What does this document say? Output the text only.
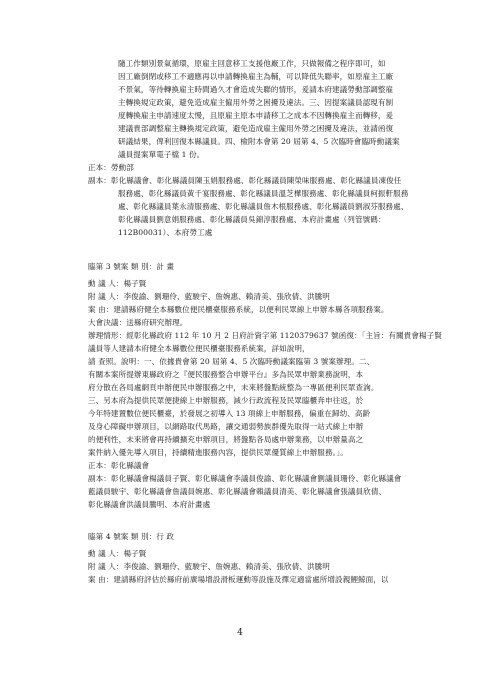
隨工作類別景氣循環，原雇主回意移工支援他廠工作，只做報備之程序即可，如
因工廠倒閉或移工不適應再以申請轉換雇主為輔，可以降低失聯率，如原雇主工廠
不景氣，等待轉換雇主時間過久才會造成失聯的情形，爰請本府建議勞動部調整雇
主轉換規定政策，避免造成雇主僱用外勞之困擾及違法。三、因提案議員認現有制
度轉換雇主申請速度太慢，且原雇主原本申請移工之成本不因轉換雇主而轉移，爰
建議貴部調整雇主轉換規定政策，避免造成雇主僱用外勞之困擾及違法，並請函復
研議結果，俾利回復本縣議員。四、檢附本會第 20 屆第 4、5 次臨時會臨時動議案
議員提案單電子檔 1 份。
正本：勞動部
副本：彰化縣議會、彰化縣議員陳玉娟服務處、彰化縣議員陳榮味服務處、彰化縣議員凍俊任
服務處、彰化縣議員黃千宴服務處、彰化縣議員溫芝樺服務處、彰化縣議員柯振軒服務
處、彰化縣議員葉永清服務處、彰化縣議員詹木根服務處、彰化縣議員劉淑芬服務處、
彰化縣議員劉意娟服務處、彰化縣議員吳錦淳服務處、本府計畫處（列管號碼：
112B00031）、本府勞工處
臨第 3 號案 類 別：計 畫
動 議 人：楊子賢
附 議 人：李俊諭、劉珊伶、藍駿宇、詹婉惠、賴清美、張欣倩、洪騰明
案 由：建請縣府健全本縣數位便民櫃臺服務系統，以便利民眾線上申辦本縣各項服務案。
大會決議：送縣府研究辦理。
辦理情形：經彰化縣政府 112 年 10 月 2 日府計資字第 1120379637 號函復：「主旨：有關貴會楊子賢
議員等人建請本府健全本縣數位便民櫃臺服務系統案，詳如說明，
請 查照。說明：一、依據貴會第 20 屆第 4、5 次臨時動議案臨第 3 號案辦理。二、
有關本案所提辦東縣政府之『便民服務整合申辦平台』多為民眾申辦業務說明，本
府分散在各局處網頁申辦便民申辦服務之中，未來將盤點統整為一專區便利民眾查詢。
三、另本府為提供民眾便捷線上申辦服務，減少行政流程及民眾臨櫃奔申往返，於
今年特建置數位便民櫃臺，於發展之初導入 13 項線上申辦服務，偏重在歸幼、高齡
及身心障礙申辦項目，以網路取代馬路，讓交通弱勢族群優先取得一站式線上申辦
的便利性，未來將會再持續擴充申辦項目，將盤點各局處申辦業務，以申辦量高之
案件納入優先導入項目，持續精進服務內容，提供民眾優質線上申辦服務。」。
正本：彰化縣議會
副本：彰化縣議會楊議員子賢、彰化縣議會李議員俊諭、彰化縣議會劉議員珊伶、彰化縣議會
藍議員駿宇、彰化縣議會詹議員婉惠、彰化縣議會賴議員清美、彰化縣議會張議員欣倩、
彰化縣議會洪議員騰明、本府計畫處
臨第 4 號案 類 別：行 政
動 議 人：楊子賢
附 議 人：李俊諭、劉珊伶、藍駿宇、詹婉惠、賴清美、張欣倩、洪騰明
案 由：建請縣府評估於縣府前廣場增設滑板運動等設施及擇定適當處所增設親鯉鯨面，以
4
